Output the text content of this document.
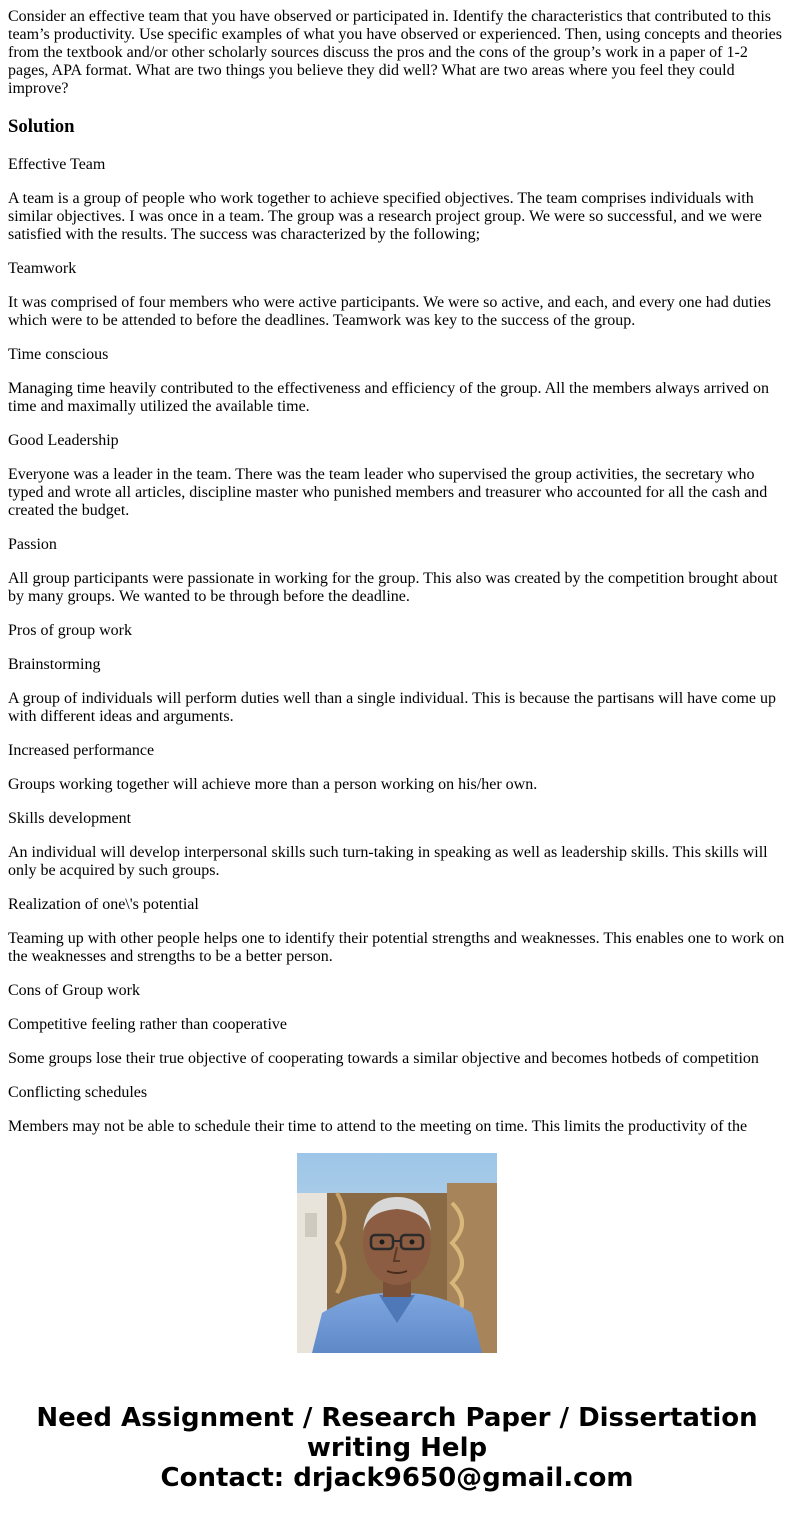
Consider an effective team that you have observed or participated in. Identify the characteristics that contributed to this team’s productivity. Use specific examples of what you have observed or experienced. Then, using concepts and theories from the textbook and/or other scholarly sources discuss the pros and the cons of the group’s work in a paper of 1-2 pages, APA format. What are two things you believe they did well? What are two areas where you feel they could improve?

Solution

Effective Team

A team is a group of people who work together to achieve specified objectives. The team comprises individuals with similar objectives. I was once in a team. The group was a research project group. We were so successful, and we were satisfied with the results. The success was characterized by the following;

Teamwork

It was comprised of four members who were active participants. We were so active, and each, and every one had duties which were to be attended to before the deadlines. Teamwork was key to the success of the group.

Time conscious

Managing time heavily contributed to the effectiveness and efficiency of the group. All the members always arrived on time and maximally utilized the available time.

Good Leadership

Everyone was a leader in the team. There was the team leader who supervised the group activities, the secretary who typed and wrote all articles, discipline master who punished members and treasurer who accounted for all the cash and created the budget.

Passion

All group participants were passionate in working for the group. This also was created by the competition brought about by many groups. We wanted to be through before the deadline.

Pros of group work

Brainstorming

A group of individuals will perform duties well than a single individual. This is because the partisans will have come up with different ideas and arguments.

Increased performance

Groups working together will achieve more than a person working on his/her own.

Skills development

An individual will develop interpersonal skills such turn-taking in speaking as well as leadership skills. This skills will only be acquired by such groups.

Realization of one\'s potential

Teaming up with other people helps one to identify their potential strengths and weaknesses. This enables one to work on the weaknesses and strengths to be a better person.

Cons of Group work

Competitive feeling rather than cooperative

Some groups lose their true objective of cooperating towards a similar objective and becomes hotbeds of competition

Conflicting schedules

Members may not be able to schedule their time to attend to the meeting on time. This limits the productivity of the

Need Assignment / Research Paper / Dissertation
writing Help
Contact: drjack9650@gmail.com
